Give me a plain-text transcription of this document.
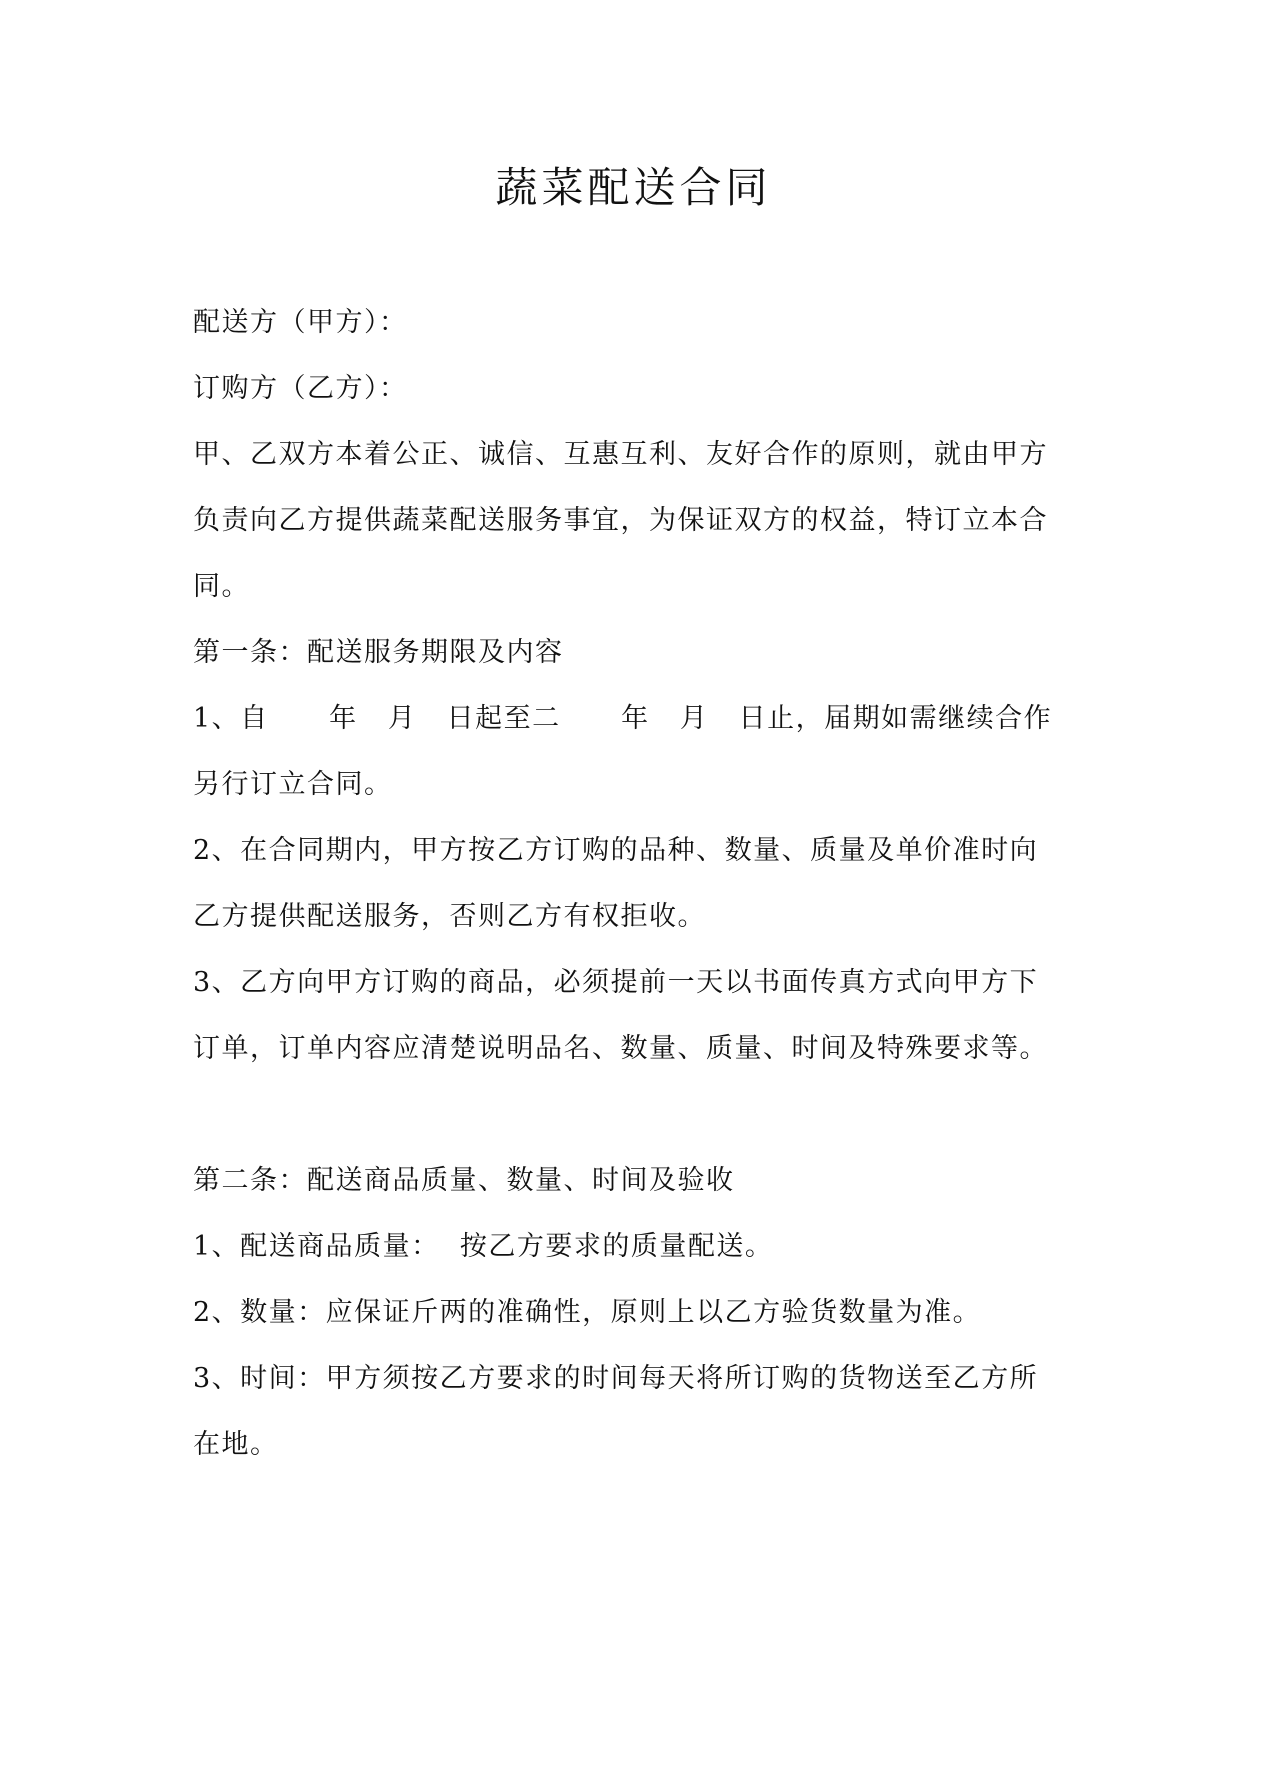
蔬菜配送合同
配送方（甲方）：
订购方（乙方）：
甲、乙双方本着公正、诚信、互惠互利、友好合作的原则，就由甲方
负责向乙方提供蔬菜配送服务事宜，为保证双方的权益，特订立本合
同。
第一条：配送服务期限及内容
1、自      年   月   日起至二      年   月   日止，届期如需继续合作
另行订立合同。
2、在合同期内，甲方按乙方订购的品种、数量、质量及单价准时向
乙方提供配送服务，否则乙方有权拒收。
3、乙方向甲方订购的商品，必须提前一天以书面传真方式向甲方下
订单，订单内容应清楚说明品名、数量、质量、时间及特殊要求等。
第二条：配送商品质量、数量、时间及验收
1、配送商品质量：  按乙方要求的质量配送。
2、数量：应保证斤两的准确性，原则上以乙方验货数量为准。
3、时间：甲方须按乙方要求的时间每天将所订购的货物送至乙方所
在地。
